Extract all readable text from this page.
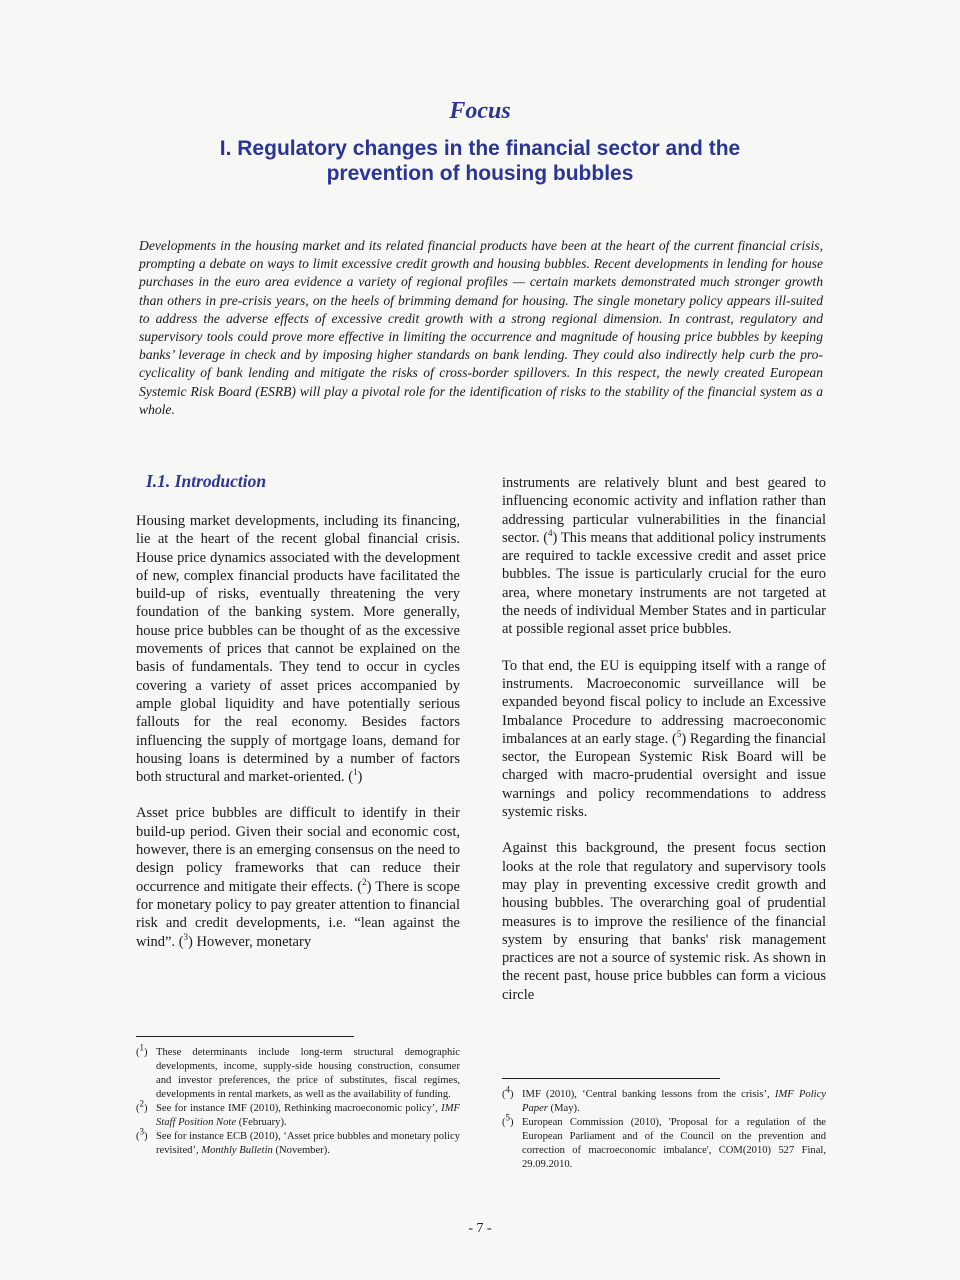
Focus
I. Regulatory changes in the financial sector and the
prevention of housing bubbles
Developments in the housing market and its related financial products have been at the heart of the current financial crisis, prompting a debate on ways to limit excessive credit growth and housing bubbles. Recent developments in lending for house purchases in the euro area evidence a variety of regional profiles — certain markets demonstrated much stronger growth than others in pre-crisis years, on the heels of brimming demand for housing. The single monetary policy appears ill-suited to address the adverse effects of excessive credit growth with a strong regional dimension. In contrast, regulatory and supervisory tools could prove more effective in limiting the occurrence and magnitude of housing price bubbles by keeping banks’ leverage in check and by imposing higher standards on bank lending. They could also indirectly help curb the pro-cyclicality of bank lending and mitigate the risks of cross-border spillovers. In this respect, the newly created European Systemic Risk Board (ESRB) will play a pivotal role for the identification of risks to the stability of the financial system as a whole.
I.1. Introduction

Housing market developments, including its financing, lie at the heart of the recent global financial crisis. House price dynamics associated with the development of new, complex financial products have facilitated the build-up of risks, eventually threatening the very foundation of the banking system. More generally, house price bubbles can be thought of as the excessive movements of prices that cannot be explained on the basis of fundamentals. They tend to occur in cycles covering a variety of asset prices accompanied by ample global liquidity and have potentially serious fallouts for the real economy. Besides factors influencing the supply of mortgage loans, demand for housing loans is determined by a number of factors both structural and market-oriented. ($^1$)

Asset price bubbles are difficult to identify in their build-up period. Given their social and economic cost, however, there is an emerging consensus on the need to design policy frameworks that can reduce their occurrence and mitigate their effects. ($^2$) There is scope for monetary policy to pay greater attention to financial risk and credit developments, i.e. “lean against the wind”. ($^3$) However, monetary

instruments are relatively blunt and best geared to influencing economic activity and inflation rather than addressing particular vulnerabilities in the financial sector. ($^4$) This means that additional policy instruments are required to tackle excessive credit and asset price bubbles. The issue is particularly crucial for the euro area, where monetary instruments are not targeted at the needs of individual Member States and in particular at possible regional asset price bubbles.

To that end, the EU is equipping itself with a range of instruments. Macroeconomic surveillance will be expanded beyond fiscal policy to include an Excessive Imbalance Procedure to addressing macroeconomic imbalances at an early stage. ($^5$) Regarding the financial sector, the European Systemic Risk Board will be charged with macro-prudential oversight and issue warnings and policy recommendations to address systemic risks.

Against this background, the present focus section looks at the role that regulatory and supervisory tools may play in preventing excessive credit growth and housing bubbles. The overarching goal of prudential measures is to improve the resilience of the financial system by ensuring that banks' risk management practices are not a source of systemic risk. As shown in the recent past, house price bubbles can form a vicious circle

($^1$) These determinants include long-term structural demographic developments, income, supply-side housing construction, consumer and investor preferences, the price of substitutes, fiscal regimes, developments in rental markets, as well as the availability of funding.
($^2$) See for instance IMF (2010), Rethinking macroeconomic policy’, IMF Staff Position Note (February).
($^3$) See for instance ECB (2010), ‘Asset price bubbles and monetary policy revisited’, Monthly Bulletin (November).
($^4$) IMF (2010), ‘Central banking lessons from the crisis’, IMF Policy Paper (May).
($^5$) European Commission (2010), 'Proposal for a regulation of the European Parliament and of the Council on the prevention and correction of macroeconomic imbalance', COM(2010) 527 Final, 29.09.2010.
- 7 -
